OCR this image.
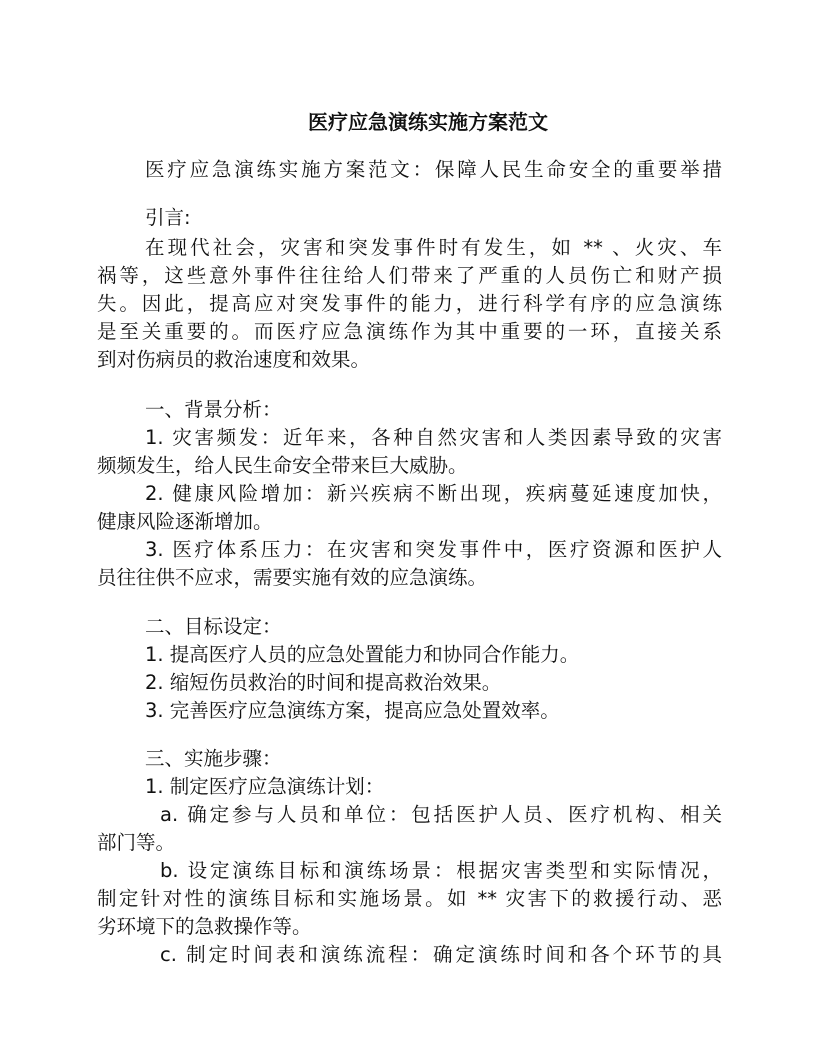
医疗应急演练实施方案范文
医疗应急演练实施方案范文：保障人民生命安全的重要举措
引言:
在现代社会，灾害和突发事件时有发生，如 ** 、火灾、车
祸等，这些意外事件往往给人们带来了严重的人员伤亡和财产损
失。因此，提高应对突发事件的能力，进行科学有序的应急演练
是至关重要的。而医疗应急演练作为其中重要的一环，直接关系
到对伤病员的救治速度和效果。
一、背景分析：
1. 灾害频发：近年来，各种自然灾害和人类因素导致的灾害
频频发生，给人民生命安全带来巨大威胁。
2. 健康风险增加：新兴疾病不断出现，疾病蔓延速度加快，
健康风险逐渐增加。
3. 医疗体系压力：在灾害和突发事件中，医疗资源和医护人
员往往供不应求，需要实施有效的应急演练。
二、目标设定：
1. 提高医疗人员的应急处置能力和协同合作能力。
2. 缩短伤员救治的时间和提高救治效果。
3. 完善医疗应急演练方案，提高应急处置效率。
三、实施步骤：
1. 制定医疗应急演练计划：
a. 确定参与人员和单位：包括医护人员、医疗机构、相关
部门等。
b. 设定演练目标和演练场景：根据灾害类型和实际情况，
制定针对性的演练目标和实施场景。如 ** 灾害下的救援行动、恶
劣环境下的急救操作等。
c. 制定时间表和演练流程：确定演练时间和各个环节的具
